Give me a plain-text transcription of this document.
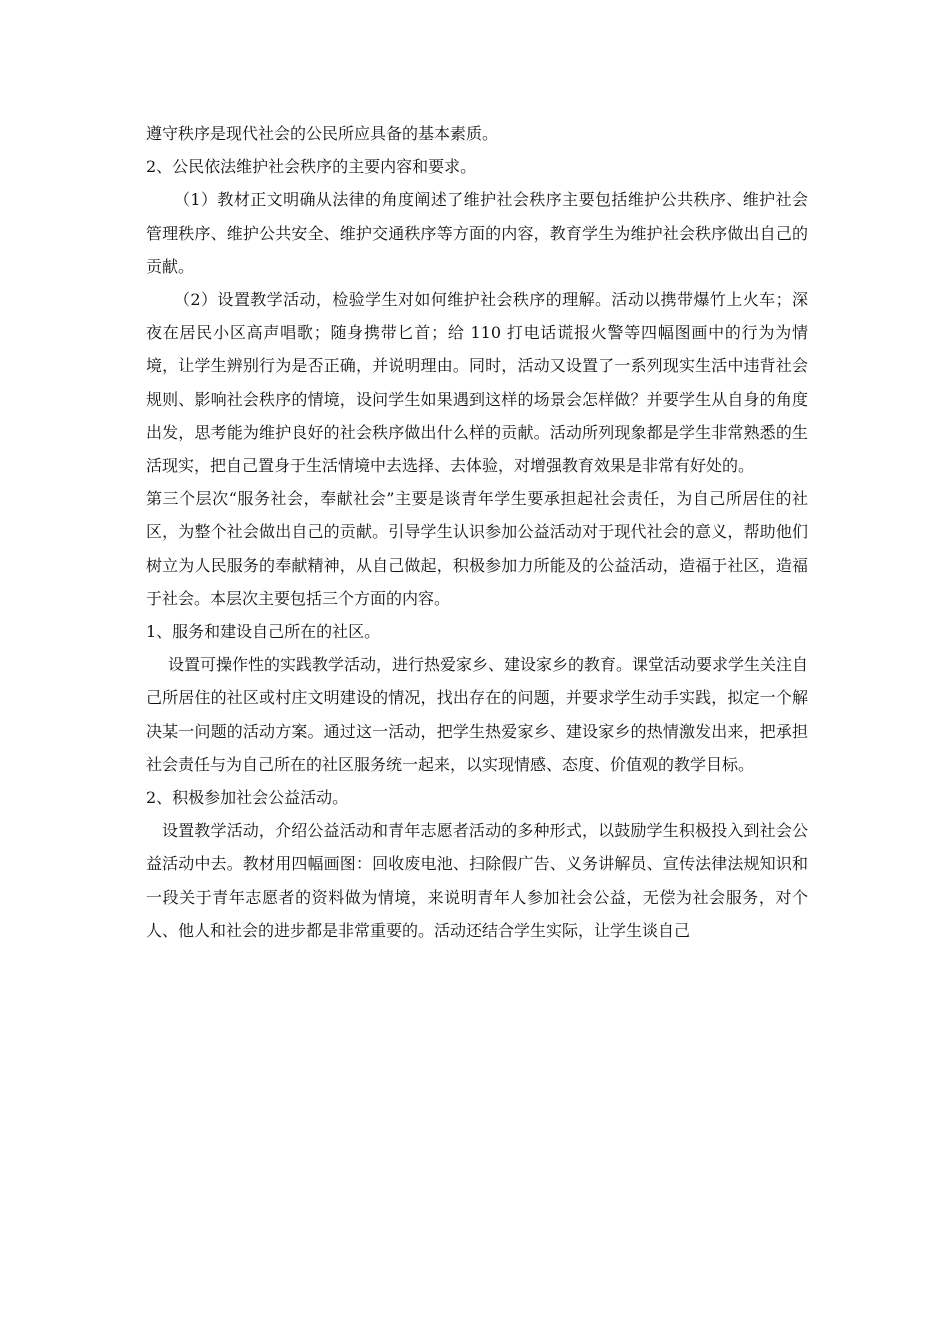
遵守秩序是现代社会的公民所应具备的基本素质。

2、公民依法维护社会秩序的主要内容和要求。

（1）教材正文明确从法律的角度阐述了维护社会秩序主要包括维护公共秩序、维护社会管理秩序、维护公共安全、维护交通秩序等方面的内容，教育学生为维护社会秩序做出自己的贡献。

（2）设置教学活动，检验学生对如何维护社会秩序的理解。活动以携带爆竹上火车；深夜在居民小区高声唱歌；随身携带匕首；给 110 打电话谎报火警等四幅图画中的行为为情境，让学生辨别行为是否正确，并说明理由。同时，活动又设置了一系列现实生活中违背社会规则、影响社会秩序的情境，设问学生如果遇到这样的场景会怎样做？并要学生从自身的角度出发，思考能为维护良好的社会秩序做出什么样的贡献。活动所列现象都是学生非常熟悉的生活现实，把自己置身于生活情境中去选择、去体验，对增强教育效果是非常有好处的。

第三个层次“服务社会，奉献社会”主要是谈青年学生要承担起社会责任，为自己所居住的社区，为整个社会做出自己的贡献。引导学生认识参加公益活动对于现代社会的意义，帮助他们树立为人民服务的奉献精神，从自己做起，积极参加力所能及的公益活动，造福于社区，造福于社会。本层次主要包括三个方面的内容。

1、服务和建设自己所在的社区。

设置可操作性的实践教学活动，进行热爱家乡、建设家乡的教育。课堂活动要求学生关注自己所居住的社区或村庄文明建设的情况，找出存在的问题，并要求学生动手实践，拟定一个解决某一问题的活动方案。通过这一活动，把学生热爱家乡、建设家乡的热情激发出来，把承担社会责任与为自己所在的社区服务统一起来，以实现情感、态度、价值观的教学目标。

2、积极参加社会公益活动。

设置教学活动，介绍公益活动和青年志愿者活动的多种形式，以鼓励学生积极投入到社会公益活动中去。教材用四幅画图：回收废电池、扫除假广告、义务讲解员、宣传法律法规知识和一段关于青年志愿者的资料做为情境，来说明青年人参加社会公益，无偿为社会服务，对个人、他人和社会的进步都是非常重要的。活动还结合学生实际，让学生谈自己
